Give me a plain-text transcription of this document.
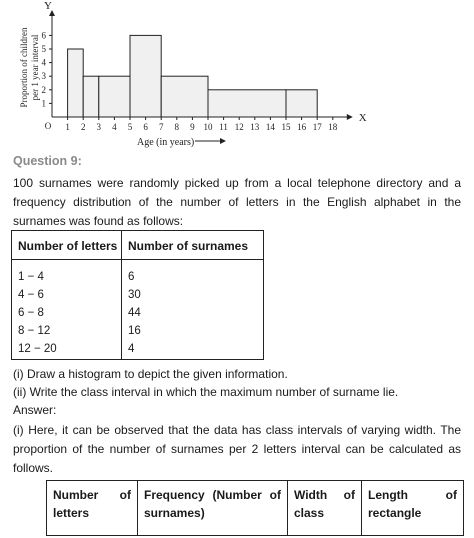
X
Y
O 1 2 3 4 5 6 7 8 9 10 11 12 13 14 15 16 17 18
1
2
3
4
5
6
Age (in years)
Proportion of children per 1 year interval
Question 9:
100 surnames were randomly picked up from a local telephone directory and a frequency distribution of the number of letters in the English alphabet in the surnames was found as follows:
Number of letters Number of surnames
1 − 4
4 − 6
6 − 8
8 − 12
12 − 20
6
30
44
16
4
(i) Draw a histogram to depict the given information.
(ii) Write the class interval in which the maximum number of surname lie.
Answer:
(i) Here, it can be observed that the data has class intervals of varying width. The proportion of the number of surnames per 2 letters interval can be calculated as follows.
Number of
letters
Frequency (Number of
surnames)
Width of
class
Length of
rectangle
